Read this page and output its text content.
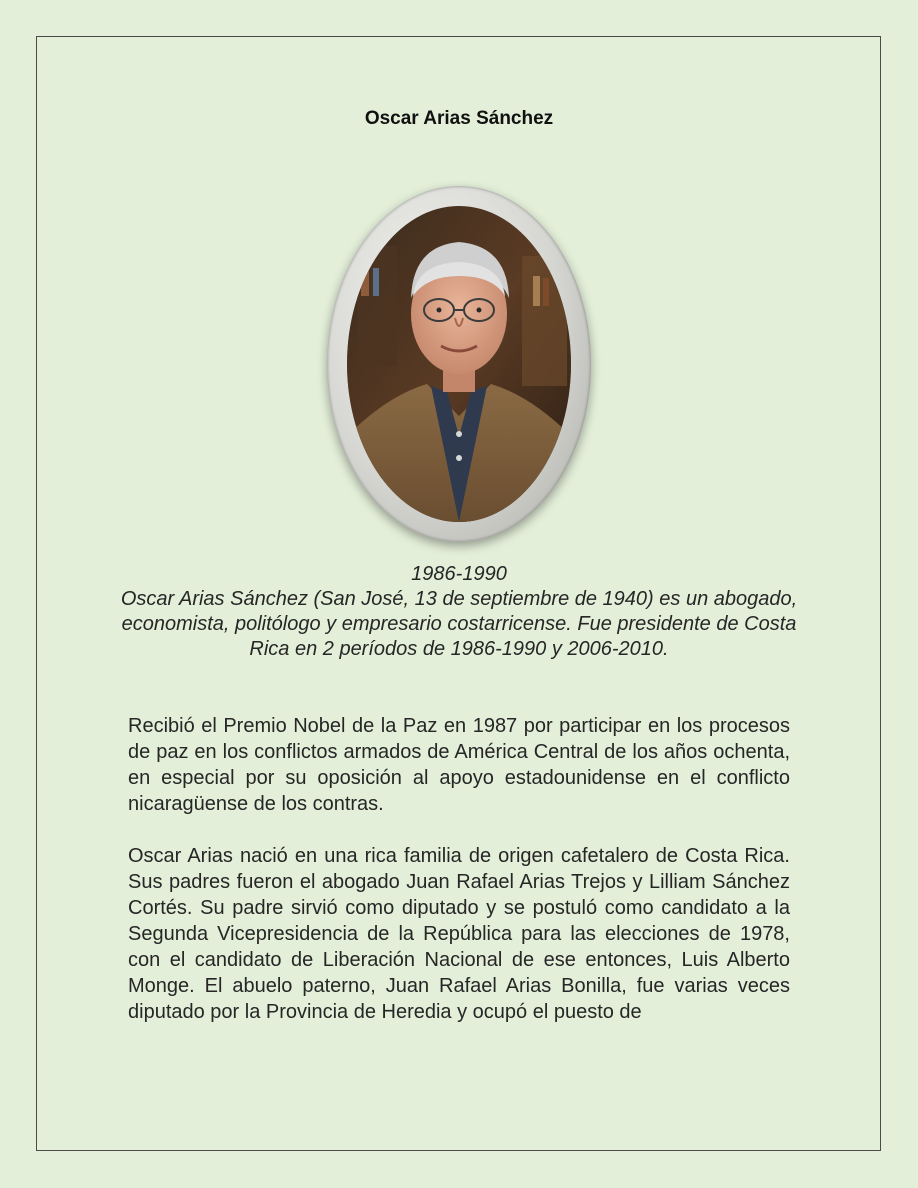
Oscar Arias Sánchez

1986-1990
Oscar Arias Sánchez (San José, 13 de septiembre de 1940) es un abogado, economista, politólogo y empresario costarricense. Fue presidente de Costa Rica en 2 períodos de 1986-1990 y 2006-2010.

Recibió el Premio Nobel de la Paz en 1987 por participar en los procesos de paz en los conflictos armados de América Central de los años ochenta, en especial por su oposición al apoyo estadounidense en el conflicto nicaragüense de los contras.

Oscar Arias nació en una rica familia de origen cafetalero de Costa Rica. Sus padres fueron el abogado Juan Rafael Arias Trejos y Lilliam Sánchez Cortés. Su padre sirvió como diputado y se postuló como candidato a la Segunda Vicepresidencia de la República para las elecciones de 1978, con el candidato de Liberación Nacional de ese entonces, Luis Alberto Monge. El abuelo paterno, Juan Rafael Arias Bonilla, fue varias veces diputado por la Provincia de Heredia y ocupó el puesto de
